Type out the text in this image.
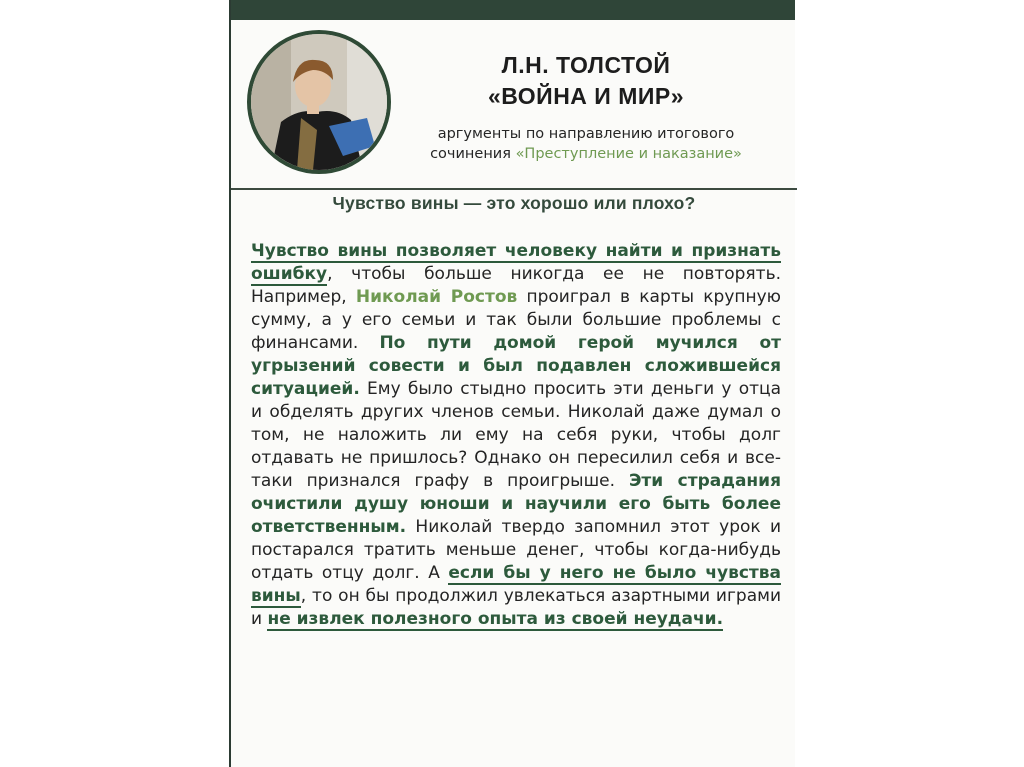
Л.Н. ТОЛСТОЙ
«ВОЙНА И МИР»
аргументы по направлению итогового
сочинения «Преступление и наказание»
Чувство вины — это хорошо или плохо?
Чувство вины позволяет человеку найти и признать ошибку, чтобы больше никогда ее не повторять. Например, Николай Ростов проиграл в карты крупную сумму, а у его семьи и так были большие проблемы с финансами. По пути домой герой мучился от угрызений совести и был подавлен сложившейся ситуацией. Ему было стыдно просить эти деньги у отца и обделять других членов семьи. Николай даже думал о том, не наложить ли ему на себя руки, чтобы долг отдавать не пришлось? Однако он пересилил себя и все-таки признался графу в проигрыше. Эти страдания очистили душу юноши и научили его быть более ответственным. Николай твердо запомнил этот урок и постарался тратить меньше денег, чтобы когда-нибудь отдать отцу долг. А если бы у него не было чувства вины, то он бы продолжил увлекаться азартными играми и не извлек полезного опыта из своей неудачи.
